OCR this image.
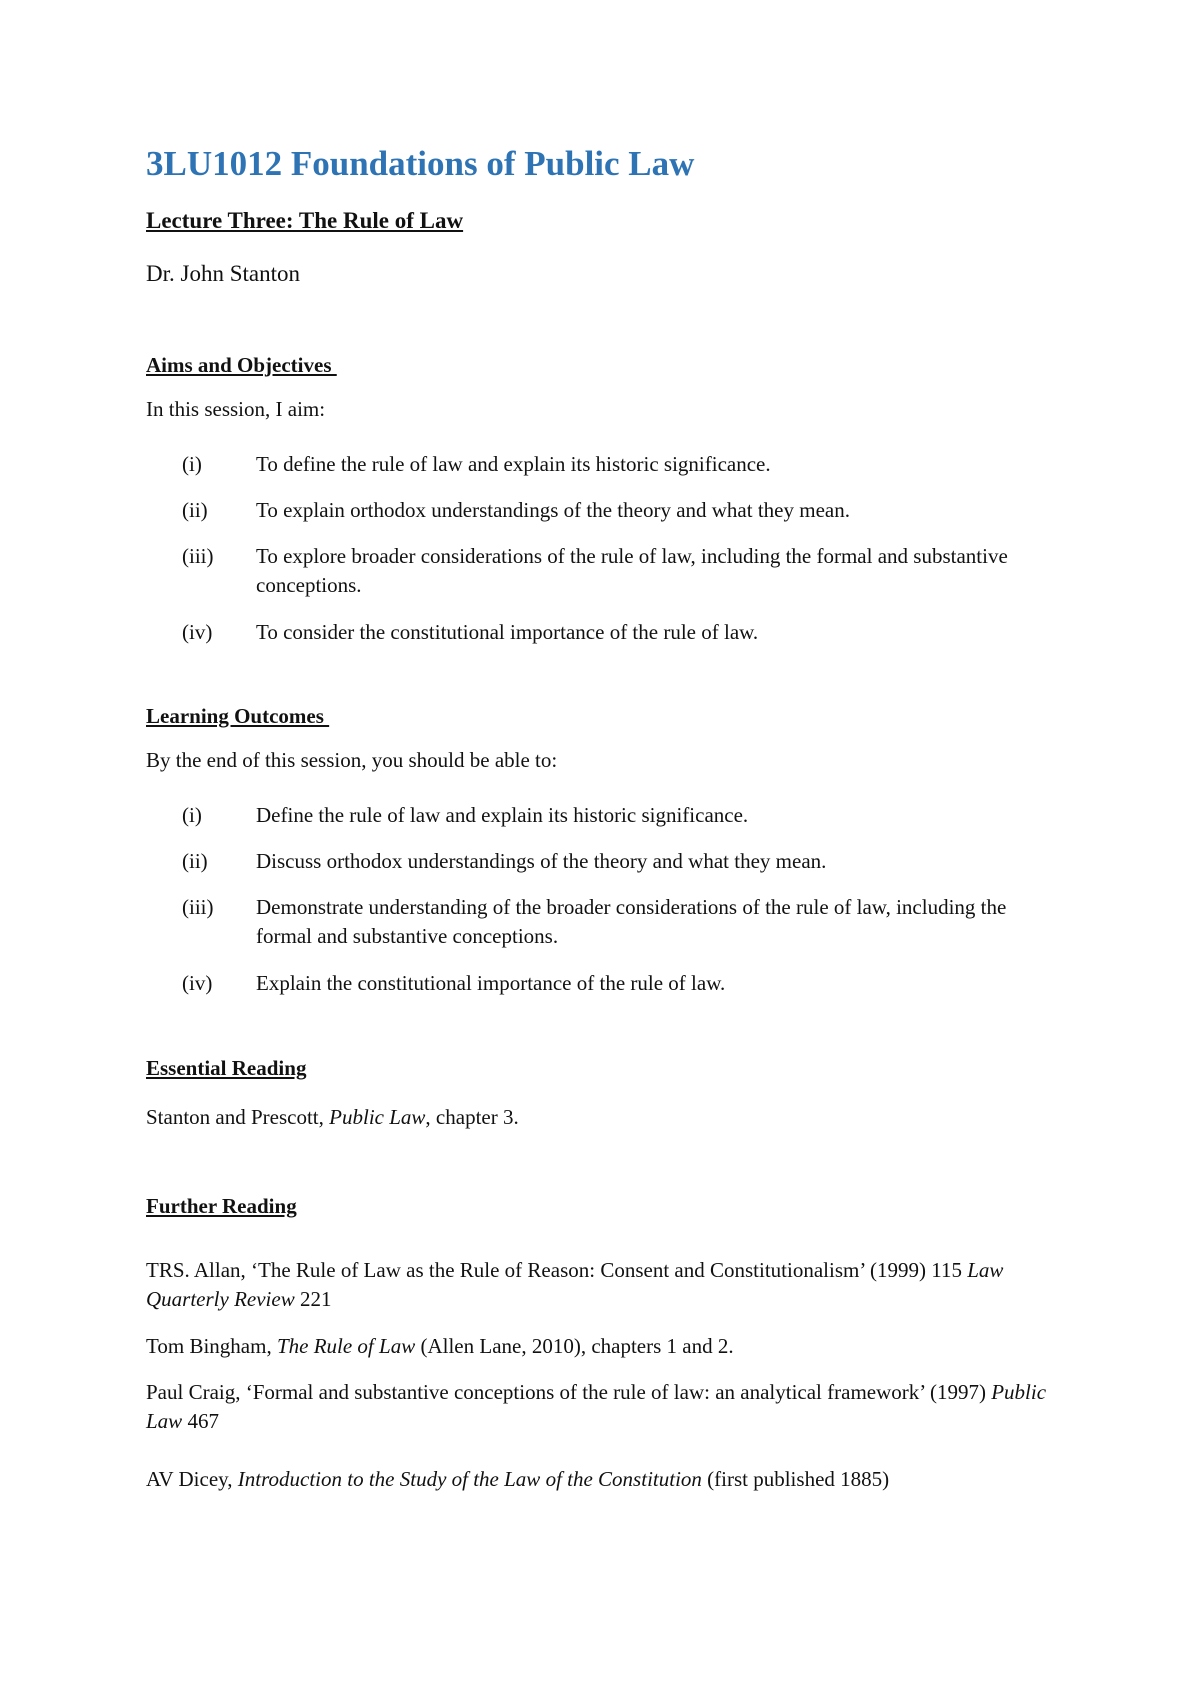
3LU1012 Foundations of Public Law
Lecture Three: The Rule of Law

Dr. John Stanton

Aims and Objectives

In this session, I aim:

(i)	To define the rule of law and explain its historic significance.
(ii) To explain orthodox understandings of the theory and what they mean.
(iii) To explore broader considerations of the rule of law, including the formal and substantive conceptions.
(iv) To consider the constitutional importance of the rule of law.
Learning Outcomes

By the end of this session, you should be able to:

(i)	Define the rule of law and explain its historic significance.
(ii) Discuss orthodox understandings of the theory and what they mean.
(iii) Demonstrate understanding of the broader considerations of the rule of law, including the formal and substantive conceptions.
(iv) Explain the constitutional importance of the rule of law.
Essential Reading

Stanton and Prescott, Public Law, chapter 3.

Further Reading

TRS. Allan, ‘The Rule of Law as the Rule of Reason: Consent and Constitutionalism’ (1999) 115 Law Quarterly Review 221

Tom Bingham, The Rule of Law (Allen Lane, 2010), chapters 1 and 2.

Paul Craig, ‘Formal and substantive conceptions of the rule of law: an analytical framework’ (1997) Public Law 467

AV Dicey, Introduction to the Study of the Law of the Constitution (first published 1885)
